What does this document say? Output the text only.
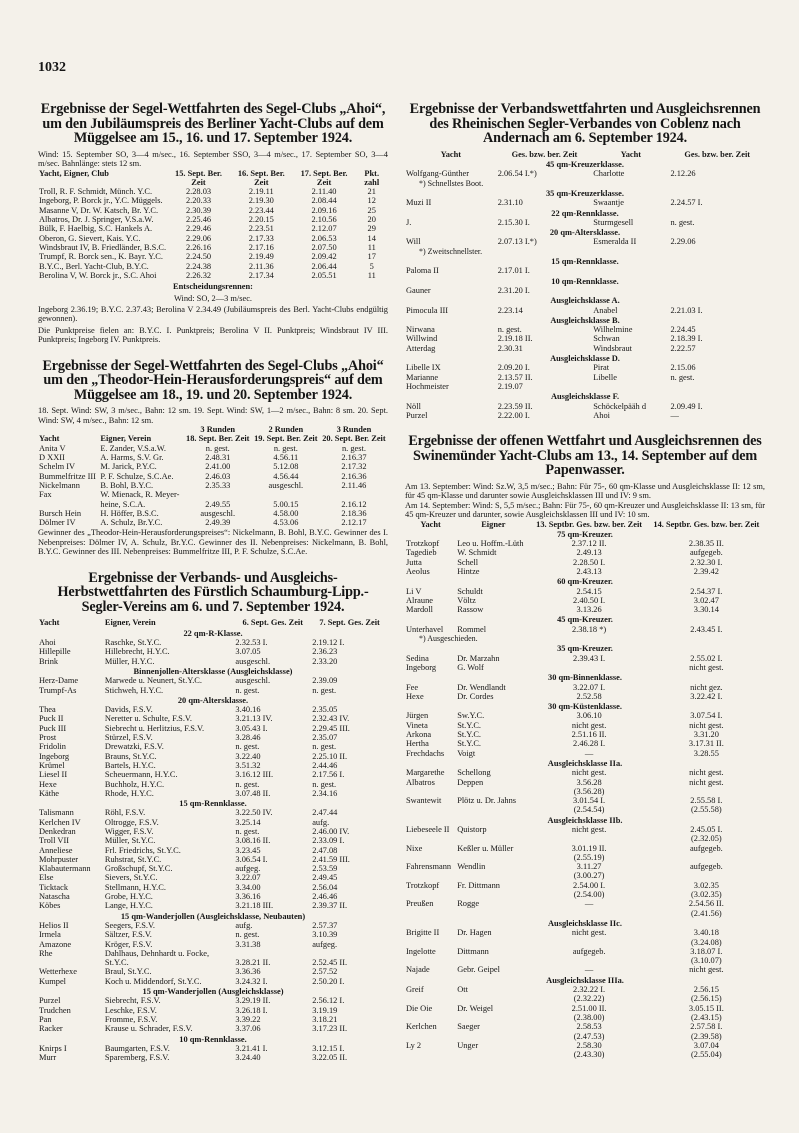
1032
Ergebnisse der Segel-Wettfahrten des Segel-Clubs „Ahoi“, um den Jubiläumspreis des Berliner Yacht-Clubs auf dem Müggelsee am 15., 16. und 17. September 1924.

Wind: 15. September SO, 3—4 m/sec., 16. September SSO, 3—4 m/sec., 17. September SO, 3—4 m/sec. Bahnlänge: stets 12 sm.

Yacht, Eigner, Club	15. Sept. Ber. Zeit	16. Sept. Ber. Zeit	17. Sept. Ber. Zeit	Pkt. zahl
Troll, R. F. Schmidt, Münch. Y.C.	2.28.03	2.19.11	2.11.40	21
Ingeborg, P. Borck jr., Y.C. Müggels.	2.20.33	2.19.30	2.08.44	12
Masanne V, Dr. W. Katsch, Br. Y.C.	2.30.39	2.23.44	2.09.16	25
Albatros, Dr. J. Springer, V.S.a.W.	2.25.46	2.20.15	2.10.56	20
Bülk, F. Haelbig, S.C. Hankels A.	2.29.46	2.23.51	2.12.07	29
Oberon, G. Sievert, Kais. Y.C.	2.29.06	2.17.33	2.06.53	14
Windsbraut IV, B. Friedländer, B.S.C.	2.26.16	2.17.16	2.07.50	11
Trumpf, R. Borck sen., K. Bayr. Y.C.	2.24.50	2.19.49	2.09.42	17
B.Y.C., Berl. Yacht-Club, B.Y.C.	2.24.38	2.11.36	2.06.44	5
Berolina V, W. Borck jr., S.C. Ahoi	2.26.32	2.17.34	2.05.51	11

Entscheidungsrennen:

Wind: SO, 2—3 m/sec.

Ingeborg 2.36.19; B.Y.C. 2.37.43; Berolina V 2.34.49 (Jubiläumspreis des Berl. Yacht-Clubs endgültig gewonnen).

Die Punktpreise fielen an: B.Y.C. I. Punktpreis; Berolina V II. Punktpreis; Windsbraut IV III. Punktpreis; Ingeborg IV. Punktpreis.

Ergebnisse der Segel-Wettfahrten des Segel-Clubs „Ahoi“ um den „Theodor-Hein-Herausforderungspreis“ auf dem Müggelsee am 18., 19. und 20. September 1924.

18. Sept. Wind: SW, 3 m/sec., Bahn: 12 sm. 19. Sept. Wind: SW, 1—2 m/sec., Bahn: 8 sm. 20. Sept. Wind: SW, 4 m/sec., Bahn: 12 sm.

		3 Runden	2 Runden	3 Runden
Yacht	Eigner, Verein	18. Sept. Ber. Zeit	19. Sept. Ber. Zeit	20. Sept. Ber. Zeit
Anita V	E. Zander, V.S.a.W.	n. gest.	n. gest.	n. gest.
D XXII	A. Harms, S.V. Gr.	2.48.31	4.56.11	2.16.37
Schelm IV	M. Jarick, P.Y.C.	2.41.00	5.12.08	2.17.32
Bummelfritze III	P. F. Schulze, S.C.Ae.	2.46.03	4.56.44	2.16.36
Nickelmann	B. Bohl, B.Y.C.	2.35.33	ausgeschl.	2.11.46
Fax	W. Mienack, R. Meyer-			
	heine, S.C.A.	2.49.55	5.00.15	2.16.12
Bursch Hein	H. Höffer, B.S.C.	ausgeschl.	4.58.00	2.18.36
Dölmer IV	A. Schulz, Br.Y.C.	2.49.39	4.53.06	2.12.17

Gewinner des „Theodor-Hein-Herausforderungspreises“: Nickelmann, B. Bohl, B.Y.C. Gewinner des I. Nebenpreises: Dölmer IV, A. Schulz, Br.Y.C. Gewinner des II. Nebenpreises: Nickelmann, B. Bohl, B.Y.C. Gewinner des III. Nebenpreises: Bummelfritze III, P. F. Schulze, S.C.Ae.

Ergebnisse der Verbands- und Ausgleichs-Herbstwettfahrten des Fürstlich Schaumburg-Lipp.-Segler-Vereins am 6. und 7. September 1924.
Yacht	Eigner, Verein	6. Sept. Ges. Zeit	7. Sept. Ges. Zeit
22 qm-R-Klasse.			
Ahoi	Raschke, St.Y.C.	2.32.53 I.	2.19.12 I.
Hillepille	Hillebrecht, H.Y.C.	3.07.05	2.36.23
Brink	Müller, H.Y.C.	ausgeschl.	2.33.20
Binnenjollen-Altersklasse (Ausgleichsklasse)			
Herz-Dame	Marwede u. Neunert, St.Y.C.	ausgeschl.	2.39.09
Trumpf-As	Stichweh, H.Y.C.	n. gest.	n. gest.
20 qm-Altersklasse.			
Thea	Davids, F.S.V.	3.40.16	2.35.05
Puck II	Neretter u. Schulte, F.S.V.	3.21.13 IV.	2.32.43 IV.
Puck III	Siebrecht u. Herlitzius, F.S.V.	3.05.43 I.	2.29.45 III.
Prost	Stürzel, F.S.V.	3.28.46	2.35.07
Fridolin	Drewatzki, F.S.V.	n. gest.	n. gest.
Ingeborg	Brauns, St.Y.C.	3.22.40	2.25.10 II.
Krümel	Bartels, H.Y.C.	3.51.32	2.44.46
Liesel II	Scheuermann, H.Y.C.	3.16.12 III.	2.17.56 I.
Hexe	Buchholz, H.Y.C.	n. gest.	n. gest.
Käthe	Rhode, H.Y.C.	3.07.48 II.	2.34.16
15 qm-Rennklasse.			
Talismann	Röhl, F.S.V.	3.22.50 IV.	2.47.44
Kerlchen IV	Oltrogge, F.S.V.	3.25.14	aufg.
Denkedran	Wigger, F.S.V.	n. gest.	2.46.00 IV.
Troll VII	Müller, St.Y.C.	3.08.16 II.	2.33.09 I.
Anneliese	Frl. Friedrichs, St.Y.C.	3.23.45	2.47.08
Mohrpuster	Ruhstrat, St.Y.C.	3.06.54 I.	2.41.59 III.
Klabautermann	Großschupf, St.Y.C.	aufgeg.	2.53.59
Else	Sievers, St.Y.C.	3.22.07	2.49.45
Ticktack	Stellmann, H.Y.C.	3.34.00	2.56.04
Natascha	Grobe, H.Y.C.	3.36.16	2.46.46
Köbes	Lange, H.Y.C.	3.21.18 III.	2.39.37 II.
15 qm-Wanderjollen (Ausgleichsklasse, Neubauten)			
Helios II	Seegers, F.S.V.	aufg.	2.57.37
Irmela	Sältzer, F.S.V.	n. gest.	3.10.39
Amazone	Kröger, F.S.V.	3.31.38	aufgeg.
Rhe	Dahlhaus, Dehnhardt u. Focke,		
	St.Y.C.	3.28.21 II.	2.52.45 II.
Wetterhexe	Braul, St.Y.C.	3.36.36	2.57.52
Kumpel	Koch u. Middendorf, St.Y.C.	3.24.32 I.	2.50.20 I.
15 qm-Wanderjollen (Ausgleichsklasse)			
Purzel	Siebrecht, F.S.V.	3.29.19 II.	2.56.12 I.
Trudchen	Leschke, F.S.V.	3.26.18 I.	3.19.19
Pan	Fromme, F.S.V.	3.39.22	3.18.21
Racker	Krause u. Schrader, F.S.V.	3.37.06	3.17.23 II.
10 qm-Rennklasse.			
Knirps I	Baumgarten, F.S.V.	3.21.41 I.	3.12.15 I.
Murr	Sparemberg, F.S.V.	3.24.40	3.22.05 II.
Ergebnisse der Verbandswettfahrten und Ausgleichsrennen des Rheinischen Segler-Verbandes von Coblenz nach Andernach am 6. September 1924.
Yacht	Ges. bzw. ber. Zeit	Yacht	Ges. bzw. ber. Zeit
45 qm-Kreuzerklasse.			
Wolfgang-Günther	2.06.54 I.*)	Charlotte	2.12.26
*) Schnellstes Boot.			
35 qm-Kreuzerklasse.			
Muzi II	2.31.10	Swaantje	2.24.57 I.
22 qm-Rennklasse.			
J.	2.15.30 I.	Sturmgesell	n. gest.
20 qm-Altersklasse.			
Will	2.07.13 I.*)	Esmeralda II	2.29.06
*) Zweitschnellster.			
15 qm-Rennklasse.			
Paloma II	2.17.01 I.		
10 qm-Rennklasse.			
Gauner	2.31.20 I.		
Ausgleichsklasse A.			
Pimocula III	2.23.14	Anabel	2.21.03 I.
Ausgleichsklasse B.			
Nirwana	n. gest.	Wilhelmine	2.24.45
Willwind	2.19.18 II.	Schwan	2.18.39 I.
Atterdag	2.30.31	Windsbraut	2.22.57
Ausgleichsklasse D.			
Libelle IX	2.09.20 I.	Pirat	2.15.06
Marianne	2.13.57 II.	Libelle	n. gest.
Hochmeister	2.19.07		
Ausgleichsklasse F.			
Nöll	2.23.59 II.	Schöckelpääh d	2.09.49 I.
Purzel	2.22.00 I.	Ahoi	—
Ergebnisse der offenen Wettfahrt und Ausgleichsrennen des Swinemünder Yacht-Clubs am 13., 14. September auf dem Papenwasser.

Am 13. September: Wind: Sz.W, 3,5 m/sec.; Bahn: Für 75-, 60 qm-Klasse und Ausgleichsklasse II: 12 sm, für 45 qm-Klasse und darunter sowie Ausgleichsklassen III und IV: 9 sm.

Am 14. September: Wind: S, 5,5 m/sec.; Bahn: Für 75-, 60 qm-Kreuzer und Ausgleichsklasse II: 13 sm, für 45 qm-Kreuzer und darunter, sowie Ausgleichsklassen III und IV: 10 sm.

Yacht	Eigner	13. Septbr. Ges. bzw. ber. Zeit	14. Septbr. Ges. bzw. ber. Zeit
75 qm-Kreuzer.			
Trotzkopf	Leo u. Hoffm.-Lüth	2.37.12 II.	2.38.35 II.
Tagedieb	W. Schmidt	2.49.13	aufgegeb.
Jutta	Schell	2.28.50 I.	2.32.30 I.
Aeolus	Hintze	2.43.13	2.39.42
60 qm-Kreuzer.			
Li V	Schuldt	2.54.15	2.54.37 I.
Alraune	Völtz	2.40.50 I.	3.02.47
Mardoll	Rassow	3.13.26	3.30.14
45 qm-Kreuzer.			
Unterhavel	Rommel	2.38.18 *)	2.43.45 I.
*) Ausgeschieden.			
35 qm-Kreuzer.			
Sedina	Dr. Marzahn	2.39.43 I.	2.55.02 I.
Ingeborg	G. Wolf		nicht gest.
30 qm-Binnenklasse.			
Fee	Dr. Wendlandt	3.22.07 I.	nicht gez.
Hexe	Dr. Cordes	2.52.58	3.22.42 I.
30 qm-Küstenklasse.			
Jürgen	Sw.Y.C.	3.06.10	3.07.54 I.
Vineta	St.Y.C.	nicht gest.	nicht gest.
Arkona	St.Y.C.	2.51.16 II.	3.31.20
Hertha	St.Y.C.	2.46.28 I.	3.17.31 II.
Frechdachs	Voigt	—	3.28.55
Ausgleichsklasse IIa.			
Margarethe	Schellong	nicht gest.	nicht gest.
Albatros	Deppen	3.56.28	nicht gest.
		(3.56.28)	
Swantewit	Plötz u. Dr. Jahns	3.01.54 I.	2.55.58 I.
		(2.54.54)	(2.55.58)
Ausgleichsklasse IIb.			
Liebeseele II	Quistorp	nicht gest.	2.45.05 I.
			(2.32.05)
Nixe	Keßler u. Müller	3.01.19 II.	aufgegeb.
		(2.55.19)	
Fahrensmann	Wendlin	3.11.27	aufgegeb.
		(3.00.27)	
Trotzkopf	Fr. Dittmann	2.54.00 I.	3.02.35
		(2.54.00)	(3.02.35)
Preußen	Rogge	—	2.54.56 II.
			(2.41.56)
Ausgleichsklasse IIc.			
Brigitte II	Dr. Hagen	nicht gest.	3.40.18
			(3.24.08)
Ingelotte	Dittmann	aufgegeb.	3.18.07 I.
			(3.10.07)
Najade	Gebr. Geipel	—	nicht gest.
Ausgleichsklasse IIIa.			
Greif	Ott	2.32.22 I.	2.56.15
		(2.32.22)	(2.56.15)
Die Oie	Dr. Weigel	2.51.00 II.	3.05.15 II.
		(2.38.00)	(2.43.15)
Kerlchen	Saeger	2.58.53	2.57.58 I.
		(2.47.53)	(2.39.58)
Ly 2	Unger	2.58.30	3.07.04
		(2.43.30)	(2.55.04)
